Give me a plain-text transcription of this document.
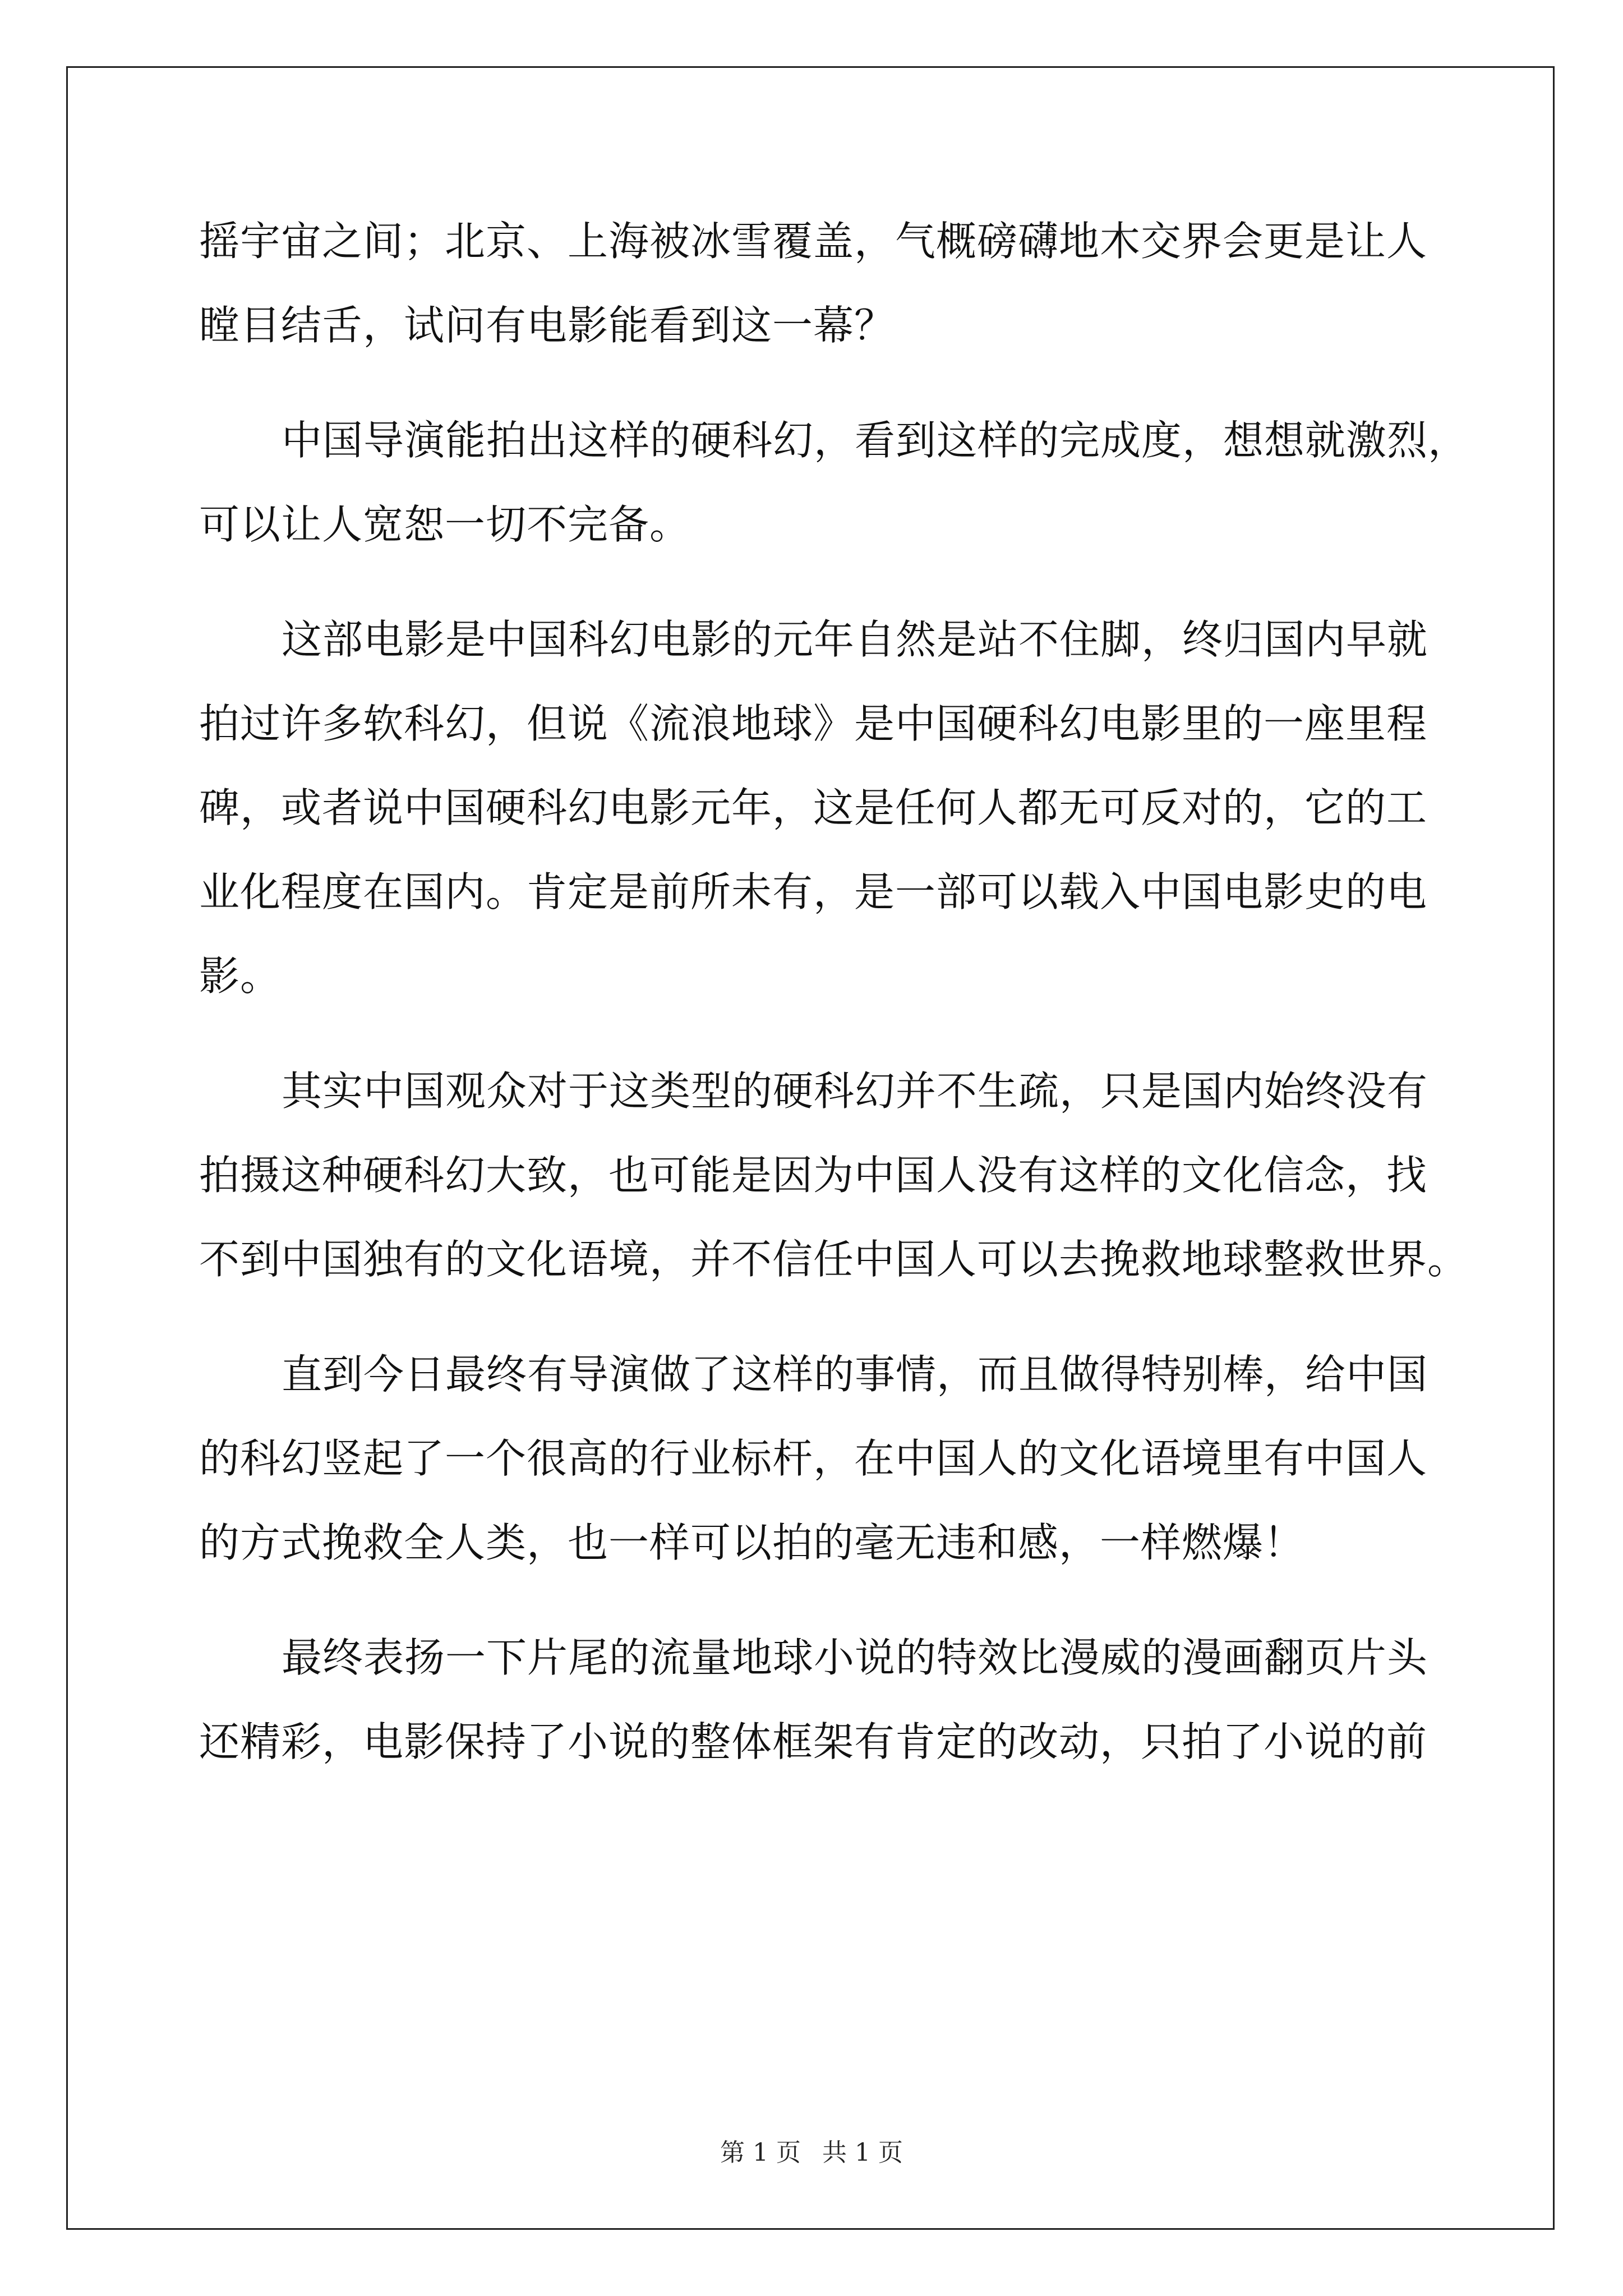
摇宇宙之间；北京、上海被冰雪覆盖，气概磅礴地木交界会更是让人
瞠目结舌，试问有电影能看到这一幕？
中国导演能拍出这样的硬科幻，看到这样的完成度，想想就激烈，
可以让人宽恕一切不完备。
这部电影是中国科幻电影的元年自然是站不住脚，终归国内早就
拍过许多软科幻，但说《流浪地球》是中国硬科幻电影里的一座里程
碑，或者说中国硬科幻电影元年，这是任何人都无可反对的，它的工
业化程度在国内。肯定是前所未有，是一部可以载入中国电影史的电
影。
其实中国观众对于这类型的硬科幻并不生疏，只是国内始终没有
拍摄这种硬科幻大致，也可能是因为中国人没有这样的文化信念，找
不到中国独有的文化语境，并不信任中国人可以去挽救地球整救世界。
直到今日最终有导演做了这样的事情，而且做得特别棒，给中国
的科幻竖起了一个很高的行业标杆，在中国人的文化语境里有中国人
的方式挽救全人类，也一样可以拍的毫无违和感，一样燃爆！
最终表扬一下片尾的流量地球小说的特效比漫威的漫画翻页片头
还精彩，电影保持了小说的整体框架有肯定的改动，只拍了小说的前
第 1 页 共 1 页
